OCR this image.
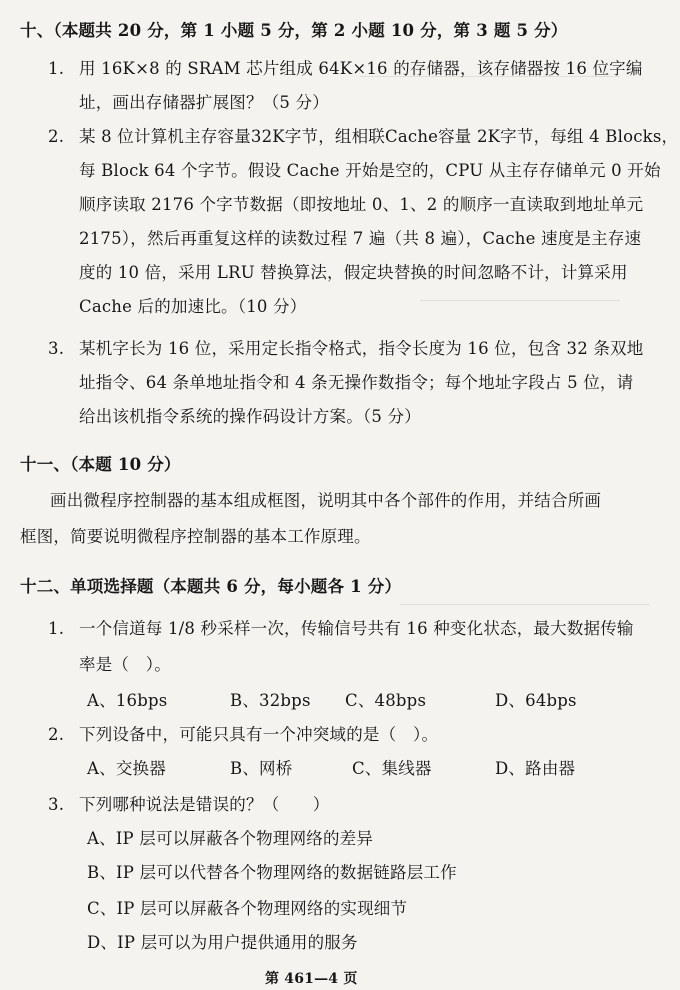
十、（本题共 20 分，第 1 小题 5 分，第 2 小题 10 分，第 3 题 5 分）
1. 用 16K×8 的 SRAM 芯片组成 64K×16 的存储器，该存储器按 16 位字编
址，画出存储器扩展图？（5 分）
2. 某 8 位计算机主存容量32K字节，组相联Cache容量 2K字节，每组 4 Blocks，
每 Block 64 个字节。假设 Cache 开始是空的，CPU 从主存存储单元 0 开始
顺序读取 2176 个字节数据（即按地址 0、1、2 的顺序一直读取到地址单元
2175），然后再重复这样的读数过程 7 遍（共 8 遍），Cache 速度是主存速
度的 10 倍，采用 LRU 替换算法，假定块替换的时间忽略不计，计算采用
Cache 后的加速比。（10 分）
3. 某机字长为 16 位，采用定长指令格式，指令长度为 16 位，包含 32 条双地
址指令、64 条单地址指令和 4 条无操作数指令；每个地址字段占 5 位，请
给出该机指令系统的操作码设计方案。（5 分）
十一、（本题 10 分）
画出微程序控制器的基本组成框图，说明其中各个部件的作用，并结合所画
框图，简要说明微程序控制器的基本工作原理。
十二、单项选择题（本题共 6 分，每小题各 1 分）
1. 一个信道每 1/8 秒采样一次，传输信号共有 16 种变化状态，最大数据传输
率是（　）。
A、16bps	B、32bps C、48bps	D、64bps
2. 下列设备中，可能只具有一个冲突域的是（　）。
A、交换器	B、网桥	C、集线器	D、路由器
3. 下列哪种说法是错误的？（　　）
A、IP 层可以屏蔽各个物理网络的差异
B、IP 层可以代替各个物理网络的数据链路层工作
C、IP 层可以屏蔽各个物理网络的实现细节
D、IP 层可以为用户提供通用的服务
第 461—4 页
